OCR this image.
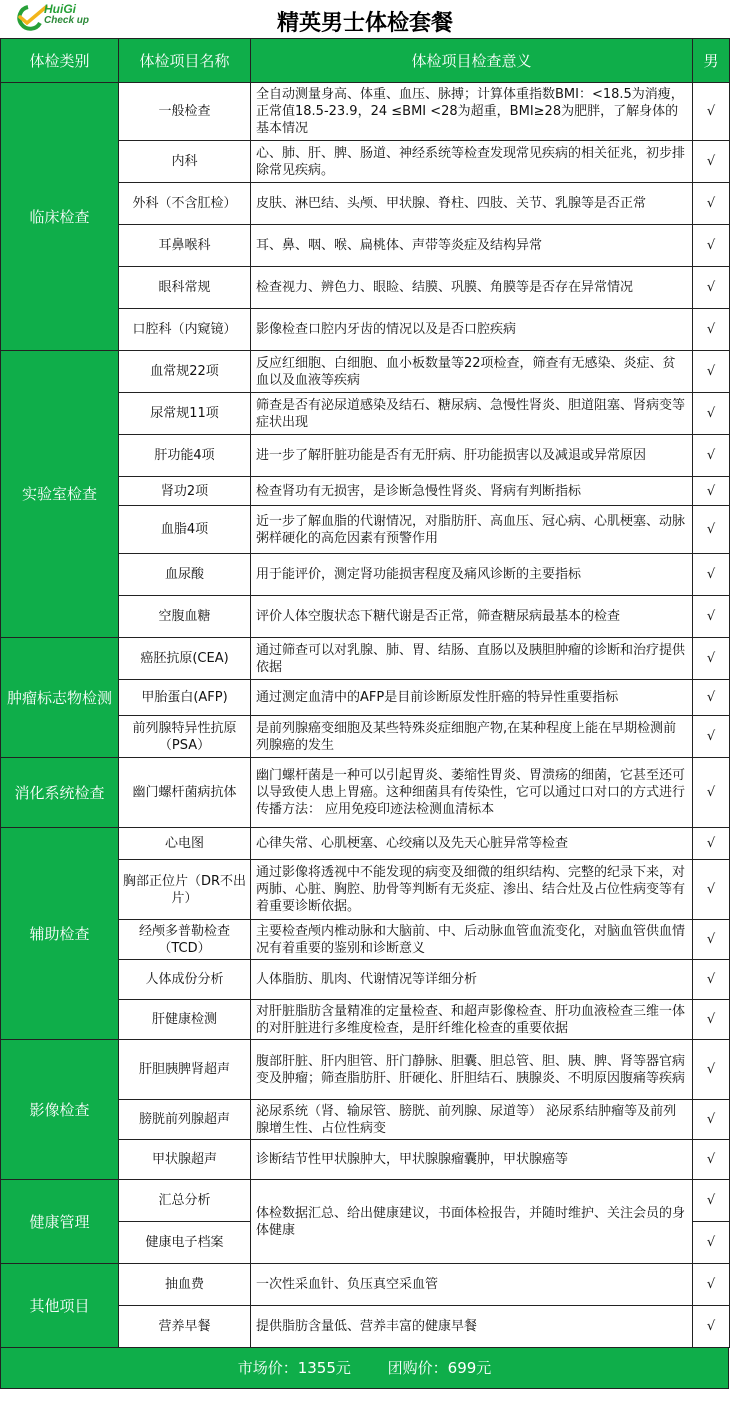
HuiGi
Check up	精英男士体检套餐
体检类别	体检项目名称	体检项目检查意义	男
临床检查	一般检查	全自动测量身高、体重、血压、脉搏；计算体重指数BMI：<18.5为消瘦，正常值18.5-23.9，24 ≤BMI <28为超重，BMI≥28为肥胖，了解身体的基本情况	√
	内科	心、肺、肝、脾、肠道、神经系统等检查发现常见疾病的相关征兆，初步排除常见疾病。	√
	外科（不含肛检）	皮肤、淋巴结、头颅、甲状腺、脊柱、四肢、关节、乳腺等是否正常	√
	耳鼻喉科	耳、鼻、咽、喉、扁桃体、声带等炎症及结构异常	√
	眼科常规	检查视力、辨色力、眼睑、结膜、巩膜、角膜等是否存在异常情况	√
	口腔科（内窥镜）	影像检查口腔内牙齿的情况以及是否口腔疾病	√
实验室检查	血常规22项	反应红细胞、白细胞、血小板数量等22项检查，筛查有无感染、炎症、贫血以及血液等疾病	√
	尿常规11项	筛查是否有泌尿道感染及结石、糖尿病、急慢性肾炎、胆道阻塞、肾病变等症状出现	√
	肝功能4项	进一步了解肝脏功能是否有无肝病、肝功能损害以及减退或异常原因	√
	肾功2项	检查肾功有无损害，是诊断急慢性肾炎、肾病有判断指标	√
	血脂4项	近一步了解血脂的代谢情况，对脂肪肝、高血压、冠心病、心肌梗塞、动脉粥样硬化的高危因素有预警作用	√
	血尿酸	用于能评价，测定肾功能损害程度及痛风诊断的主要指标	√
	空腹血糖	评价人体空腹状态下糖代谢是否正常，筛查糖尿病最基本的检查	√
肿瘤标志物检测	癌胚抗原(CEA)	通过筛查可以对乳腺、肺、胃、结肠、直肠以及胰胆肿瘤的诊断和治疗提供依据	√
	甲胎蛋白(AFP)	通过测定血清中的AFP是目前诊断原发性肝癌的特异性重要指标	√
	前列腺特异性抗原（PSA）	是前列腺癌变细胞及某些特殊炎症细胞产物,在某种程度上能在早期检测前列腺癌的发生	√
消化系统检查	幽门螺杆菌病抗体	幽门螺杆菌是一种可以引起胃炎、萎缩性胃炎、胃溃疡的细菌，它甚至还可以导致使人患上胃癌。这种细菌具有传染性，它可以通过口对口的方式进行传播方法： 应用免疫印迹法检测血清标本	√
辅助检查	心电图	心律失常、心肌梗塞、心绞痛以及先天心脏异常等检查	√
	胸部正位片（DR不出片）	通过影像将透视中不能发现的病变及细微的组织结构、完整的纪录下来，对两肺、心脏、胸腔、肋骨等判断有无炎症、渗出、结合灶及占位性病变等有着重要诊断依据。	√
	经颅多普勒检查（TCD）	主要检查颅内椎动脉和大脑前、中、后动脉血管血流变化，对脑血管供血情况有着重要的鉴别和诊断意义	√
	人体成份分析	人体脂肪、肌肉、代谢情况等详细分析	√
	肝健康检测	对肝脏脂肪含量精准的定量检查、和超声影像检查、肝功血液检查三维一体的对肝脏进行多维度检查，是肝纤维化检查的重要依据	√
影像检查	肝胆胰脾肾超声	腹部肝脏、肝内胆管、肝门静脉、胆囊、胆总管、胆、胰、脾、肾等器官病变及肿瘤；筛查脂肪肝、肝硬化、肝胆结石、胰腺炎、不明原因腹痛等疾病	√
	膀胱前列腺超声	泌尿系统（肾、输尿管、膀胱、前列腺、尿道等） 泌尿系结肿瘤等及前列腺增生性、占位性病变	√
	甲状腺超声	诊断结节性甲状腺肿大，甲状腺腺瘤囊肿，甲状腺癌等	√
健康管理	汇总分析	体检数据汇总、给出健康建议，书面体检报告，并随时维护、关注会员的身体健康	√
	健康电子档案		√
其他项目	抽血费	一次性采血针、负压真空采血管	√
	营养早餐	提供脂肪含量低、营养丰富的健康早餐	√
市场价：1355元 团购价：699元
